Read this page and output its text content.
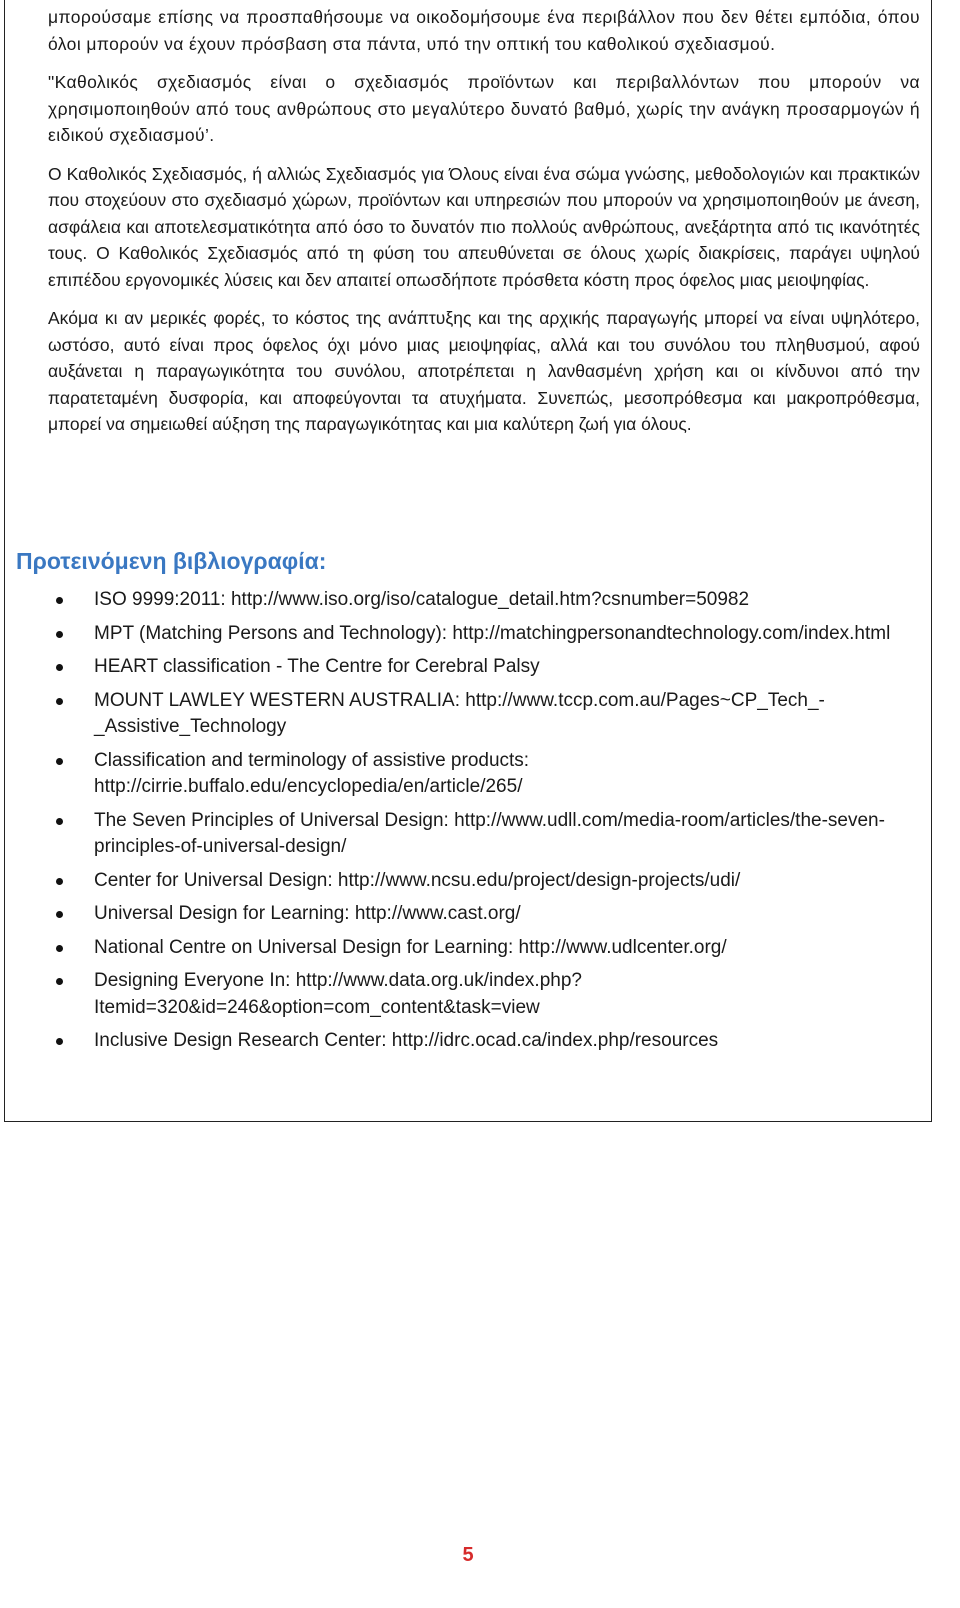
μπορούσαμε επίσης να προσπαθήσουμε να οικοδομήσουμε ένα περιβάλλον που δεν θέτει εμπόδια, όπου όλοι μπορούν να έχουν πρόσβαση στα πάντα, υπό την οπτική του καθολικού σχεδιασμού.

"Καθολικός σχεδιασμός είναι ο σχεδιασμός προϊόντων και περιβαλλόντων που μπορούν να χρησιμοποιηθούν από τους ανθρώπους στο μεγαλύτερο δυνατό βαθμό, χωρίς την ανάγκη προσαρμογών ή ειδικού σχεδιασμού’.

Ο Καθολικός Σχεδιασμός, ή αλλιώς Σχεδιασμός για Όλους είναι ένα σώμα γνώσης, μεθοδολογιών και πρακτικών που στοχεύουν στο σχεδιασμό χώρων, προϊόντων και υπηρεσιών που μπορούν να χρησιμοποιηθούν με άνεση, ασφάλεια και αποτελεσματικότητα από όσο το δυνατόν πιο πολλούς ανθρώπους, ανεξάρτητα από τις ικανότητές τους. Ο Καθολικός Σχεδιασμός από τη φύση του απευθύνεται σε όλους χωρίς διακρίσεις, παράγει υψηλού επιπέδου εργονομικές λύσεις και δεν απαιτεί οπωσδήποτε πρόσθετα κόστη προς όφελος μιας μειοψηφίας.

Ακόμα κι αν μερικές φορές, το κόστος της ανάπτυξης και της αρχικής παραγωγής μπορεί να είναι υψηλότερο, ωστόσο, αυτό είναι προς όφελος όχι μόνο μιας μειοψηφίας, αλλά και του συνόλου του πληθυσμού, αφού αυξάνεται η παραγωγικότητα του συνόλου, αποτρέπεται η λανθασμένη χρήση και οι κίνδυνοι από την παρατεταμένη δυσφορία, και αποφεύγονται τα ατυχήματα. Συνεπώς, μεσοπρόθεσμα και μακροπρόθεσμα, μπορεί να σημειωθεί αύξηση της παραγωγικότητας και μια καλύτερη ζωή για όλους.

Προτεινόμενη βιβλιογραφία:
ISO 9999:2011: http://www.iso.org/iso/catalogue_detail.htm?csnumber=50982
MPT (Matching Persons and Technology): http://matchingpersonandtechnology.com/index.html
HEART classification - The Centre for Cerebral Palsy
MOUNT LAWLEY WESTERN AUSTRALIA: http://www.tccp.com.au/Pages~CP_Tech_-_Assistive_Technology
Classification and terminology of assistive products: http://cirrie.buffalo.edu/encyclopedia/en/article/265/
The Seven Principles of Universal Design: http://www.udll.com/media-room/articles/the-seven-principles-of-universal-design/
Center for Universal Design: http://www.ncsu.edu/project/design-projects/udi/
Universal Design for Learning: http://www.cast.org/
National Centre on Universal Design for Learning: http://www.udlcenter.org/
Designing Everyone In: http://www.data.org.uk/index.php?Itemid=320&id=246&option=com_content&task=view
Inclusive Design Research Center: http://idrc.ocad.ca/index.php/resources
5
